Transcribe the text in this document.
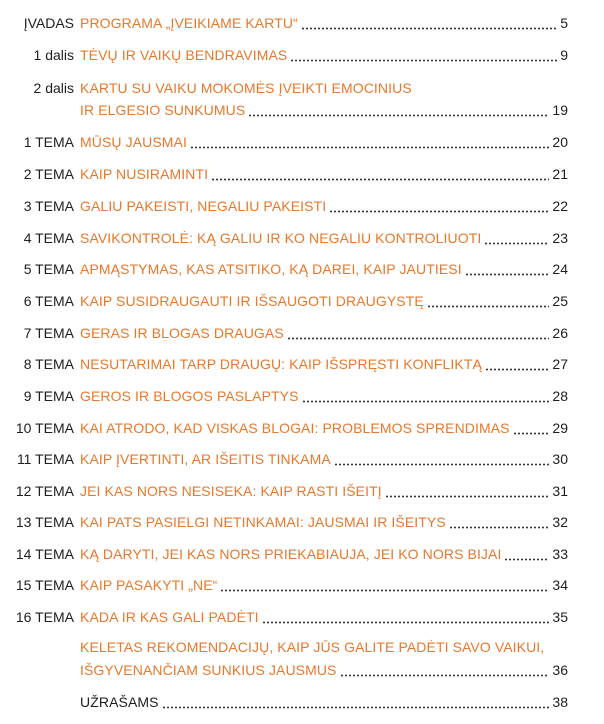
ĮVADAS PROGRAMA „ĮVEIKIAME KARTU“	5
1 dalis TĖVŲ IR VAIKŲ BENDRAVIMAS	9
2 dalis KARTU SU VAIKU MOKOMĖS ĮVEIKTI EMOCINIUS
IR ELGESIO SUNKUMUS	19
1 TEMA MŪSŲ JAUSMAI	20
2 TEMA KAIP NUSIRAMINTI	21
3 TEMA GALIU PAKEISTI, NEGALIU PAKEISTI	22
4 TEMA SAVIKONTROLĖ: KĄ GALIU IR KO NEGALIU KONTROLIUOTI	23
5 TEMA APMĄSTYMAS, KAS ATSITIKO, KĄ DAREI, KAIP JAUTIESI	24
6 TEMA KAIP SUSIDRAUGAUTI IR IŠSAUGOTI DRAUGYSTĘ	25
7 TEMA GERAS IR BLOGAS DRAUGAS	26
8 TEMA NESUTARIMAI TARP DRAUGŲ: KAIP IŠSPRĘSTI KONFLIKTĄ	27
9 TEMA GEROS IR BLOGOS PASLAPTYS	28
10 TEMA KAI ATRODO, KAD VISKAS BLOGAI: PROBLEMOS SPRENDIMAS	29
11 TEMA KAIP ĮVERTINTI, AR IŠEITIS TINKAMA	30
12 TEMA JEI KAS NORS NESISEKA: KAIP RASTI IŠEITĮ	31
13 TEMA KAI PATS PASIELGI NETINKAMAI: JAUSMAI IR IŠEITYS	32
14 TEMA KĄ DARYTI, JEI KAS NORS PRIEKABIAUJA, JEI KO NORS BIJAI	33
15 TEMA KAIP PASAKYTI „NE“	34
16 TEMA KADA IR KAS GALI PADĖTI	35
KELETAS REKOMENDACIJŲ, KAIP JŪS GALITE PADĖTI SAVO VAIKUI,
IŠGYVENANČIAM SUNKIUS JAUSMUS	36
UŽRAŠAMS	38
